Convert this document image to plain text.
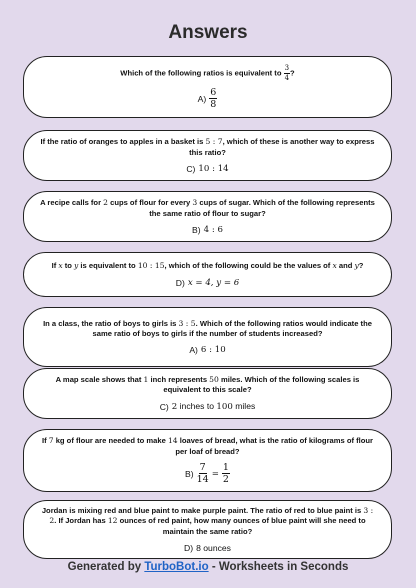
Answers
Which of the following ratios is equivalent to $\frac{3}{4}$ ?
$A) \frac{6}{8}$
If the ratio of oranges to apples in a basket is 5 : 7, which of these is another way to express this ratio?
C) 10 : 14
A recipe calls for 2 cups of flour for every 3 cups of sugar. Which of the following represents the same ratio of flour to sugar?
B) 4 : 6
If x to y is equivalent to 10 : 15, which of the following could be the values of x and y?
D) x = 4, y = 6
In a class, the ratio of boys to girls is 3 : 5. Which of the following ratios would indicate the same ratio of boys to girls if the number of students increased?
A) 6 : 10
A map scale shows that 1 inch represents 50 miles. Which of the following scales is equivalent to this scale?
C) 2 inches to 100 miles
If 7 kg of flour are needed to make 14 loaves of bread, what is the ratio of kilograms of flour per loaf of bread?
$B) \frac{7}{14} = \frac{1}{2}$
Jordan is mixing red and blue paint to make purple paint. The ratio of red to blue paint is 3 : 2. If Jordan has 12 ounces of red paint, how many ounces of blue paint will she need to maintain the same ratio?
D) 8 ounces
Generated by TurboBot.io - Worksheets in Seconds
